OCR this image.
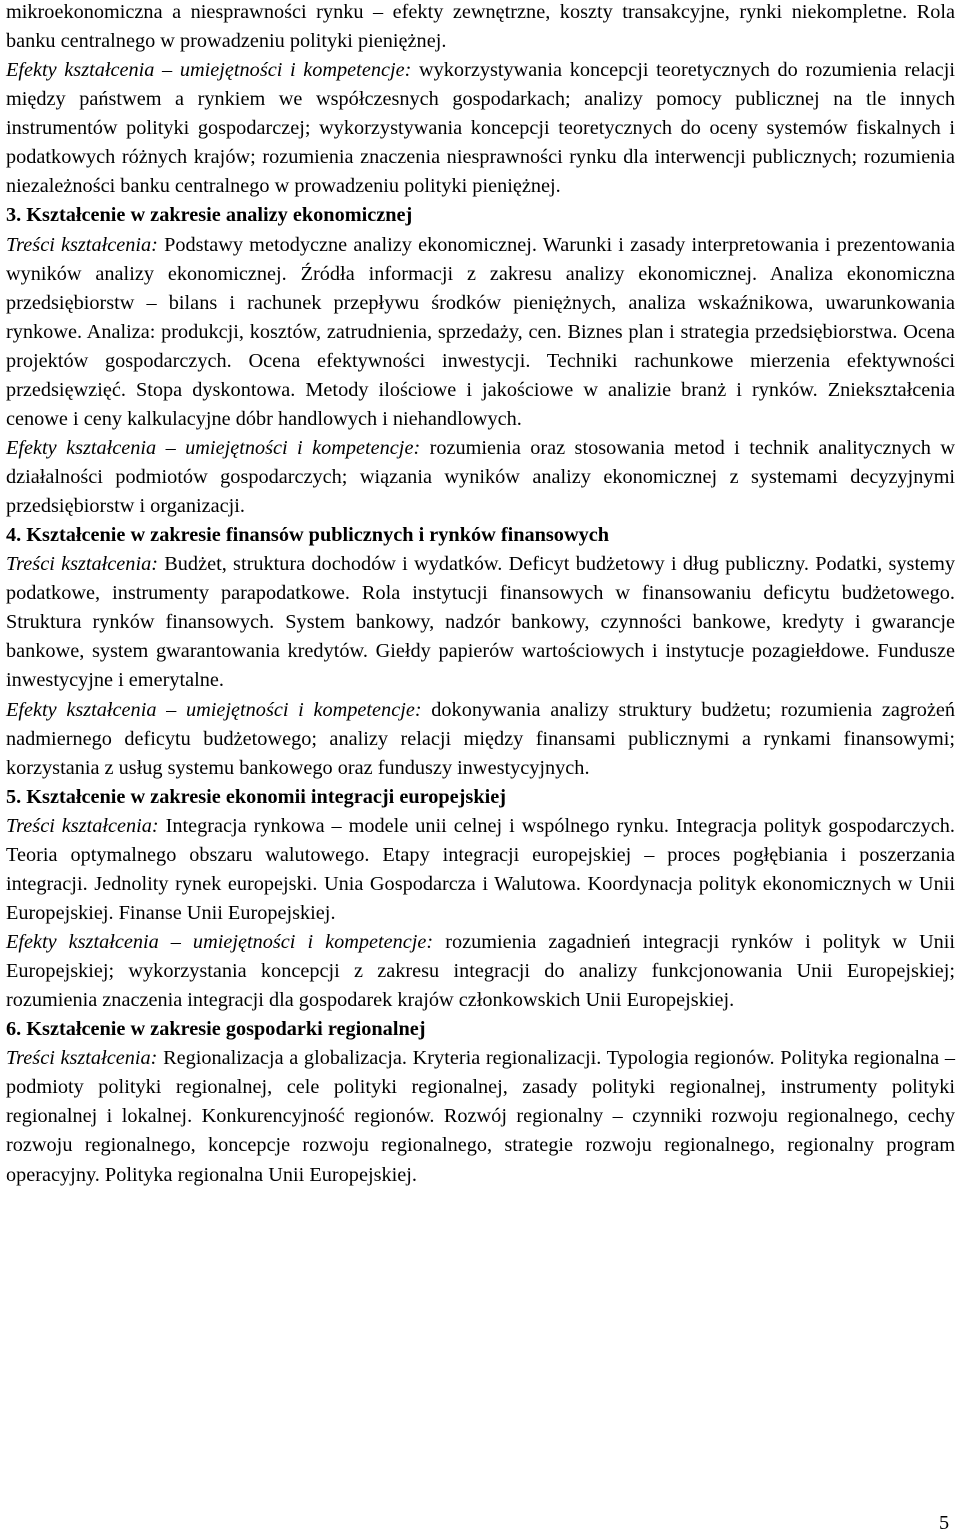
mikroekonomiczna a niesprawności rynku – efekty zewnętrzne, koszty transakcyjne, rynki niekompletne. Rola banku centralnego w prowadzeniu polityki pieniężnej.

Efekty kształcenia – umiejętności i kompetencje: wykorzystywania koncepcji teoretycznych do rozumienia relacji między państwem a rynkiem we współczesnych gospodarkach; analizy pomocy publicznej na tle innych instrumentów polityki gospodarczej; wykorzystywania koncepcji teoretycznych do oceny systemów fiskalnych i podatkowych różnych krajów; rozumienia znaczenia niesprawności rynku dla interwencji publicznych; rozumienia niezależności banku centralnego w prowadzeniu polityki pieniężnej.

3. Kształcenie w zakresie analizy ekonomicznej

Treści kształcenia: Podstawy metodyczne analizy ekonomicznej. Warunki i zasady interpretowania i prezentowania wyników analizy ekonomicznej. Źródła informacji z zakresu analizy ekonomicznej. Analiza ekonomiczna przedsiębiorstw – bilans i rachunek przepływu środków pieniężnych, analiza wskaźnikowa, uwarunkowania rynkowe. Analiza: produkcji, kosztów, zatrudnienia, sprzedaży, cen. Biznes plan i strategia przedsiębiorstwa. Ocena projektów gospodarczych. Ocena efektywności inwestycji. Techniki rachunkowe mierzenia efektywności przedsięwzięć. Stopa dyskontowa. Metody ilościowe i jakościowe w analizie branż i rynków. Zniekształcenia cenowe i ceny kalkulacyjne dóbr handlowych i niehandlowych.

Efekty kształcenia – umiejętności i kompetencje: rozumienia oraz stosowania metod i technik analitycznych w działalności podmiotów gospodarczych; wiązania wyników analizy ekonomicznej z systemami decyzyjnymi przedsiębiorstw i organizacji.

4. Kształcenie w zakresie finansów publicznych i rynków finansowych

Treści kształcenia: Budżet, struktura dochodów i wydatków. Deficyt budżetowy i dług publiczny. Podatki, systemy podatkowe, instrumenty parapodatkowe. Rola instytucji finansowych w finansowaniu deficytu budżetowego. Struktura rynków finansowych. System bankowy, nadzór bankowy, czynności bankowe, kredyty i gwarancje bankowe, system gwarantowania kredytów. Giełdy papierów wartościowych i instytucje pozagiełdowe. Fundusze inwestycyjne i emerytalne.

Efekty kształcenia – umiejętności i kompetencje: dokonywania analizy struktury budżetu; rozumienia zagrożeń nadmiernego deficytu budżetowego; analizy relacji między finansami publicznymi a rynkami finansowymi; korzystania z usług systemu bankowego oraz funduszy inwestycyjnych.

5. Kształcenie w zakresie ekonomii integracji europejskiej

Treści kształcenia: Integracja rynkowa – modele unii celnej i wspólnego rynku. Integracja polityk gospodarczych. Teoria optymalnego obszaru walutowego. Etapy integracji europejskiej – proces pogłębiania i poszerzania integracji. Jednolity rynek europejski. Unia Gospodarcza i Walutowa. Koordynacja polityk ekonomicznych w Unii Europejskiej. Finanse Unii Europejskiej.

Efekty kształcenia – umiejętności i kompetencje: rozumienia zagadnień integracji rynków i polityk w Unii Europejskiej; wykorzystania koncepcji z zakresu integracji do analizy funkcjonowania Unii Europejskiej; rozumienia znaczenia integracji dla gospodarek krajów członkowskich Unii Europejskiej.

6. Kształcenie w zakresie gospodarki regionalnej

Treści kształcenia: Regionalizacja a globalizacja. Kryteria regionalizacji. Typologia regionów. Polityka regionalna – podmioty polityki regionalnej, cele polityki regionalnej, zasady polityki regionalnej, instrumenty polityki regionalnej i lokalnej. Konkurencyjność regionów. Rozwój regionalny – czynniki rozwoju regionalnego, cechy rozwoju regionalnego, koncepcje rozwoju regionalnego, strategie rozwoju regionalnego, regionalny program operacyjny. Polityka regionalna Unii Europejskiej.

5
